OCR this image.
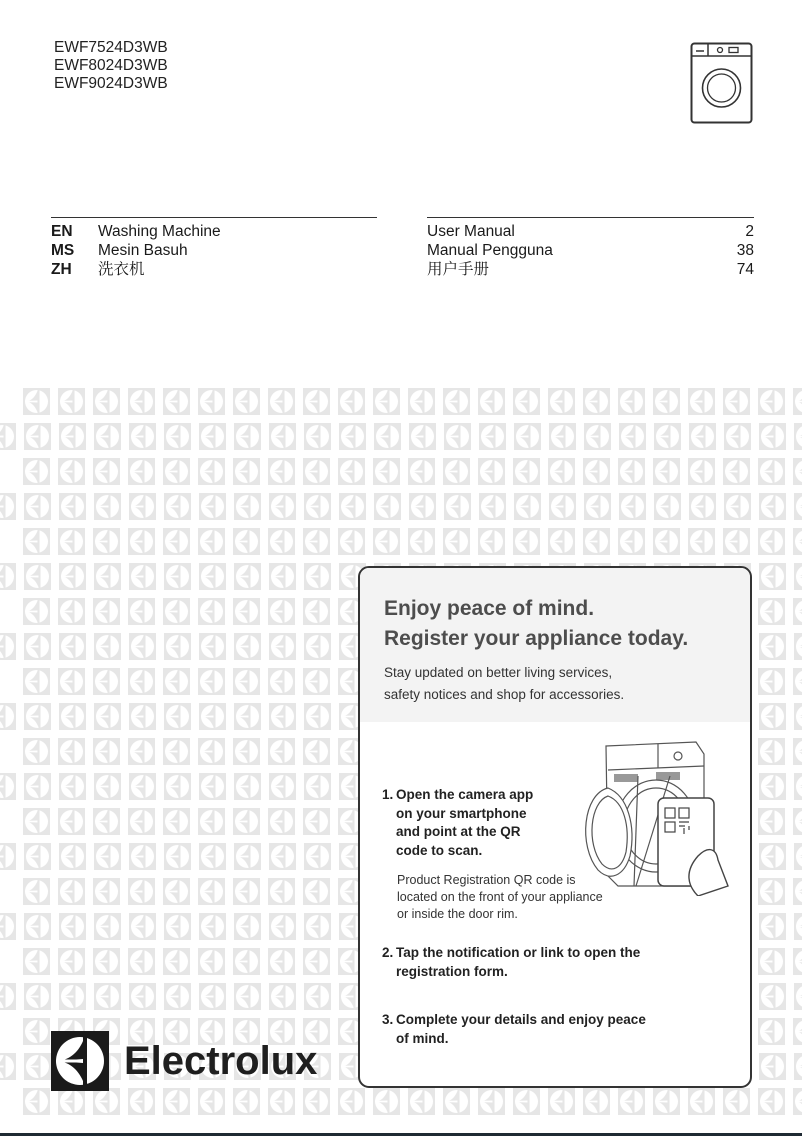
EWF7524D3WB
EWF8024D3WB
EWF9024D3WB
EN	Washing Machine
MS	Mesin Basuh
ZH	洗衣机
User Manual	2
Manual Pengguna	38
用户手册	74
Enjoy peace of mind.
Register your appliance today.
Stay updated on better living services,
safety notices and shop for accessories.
1. Open the camera app
on your smartphone
and point at the QR
code to scan.
Product Registration QR code is
located on the front of your appliance
or inside the door rim.
2. Tap the notification or link to open the
registration form.
3. Complete your details and enjoy peace
of mind.
Electrolux
